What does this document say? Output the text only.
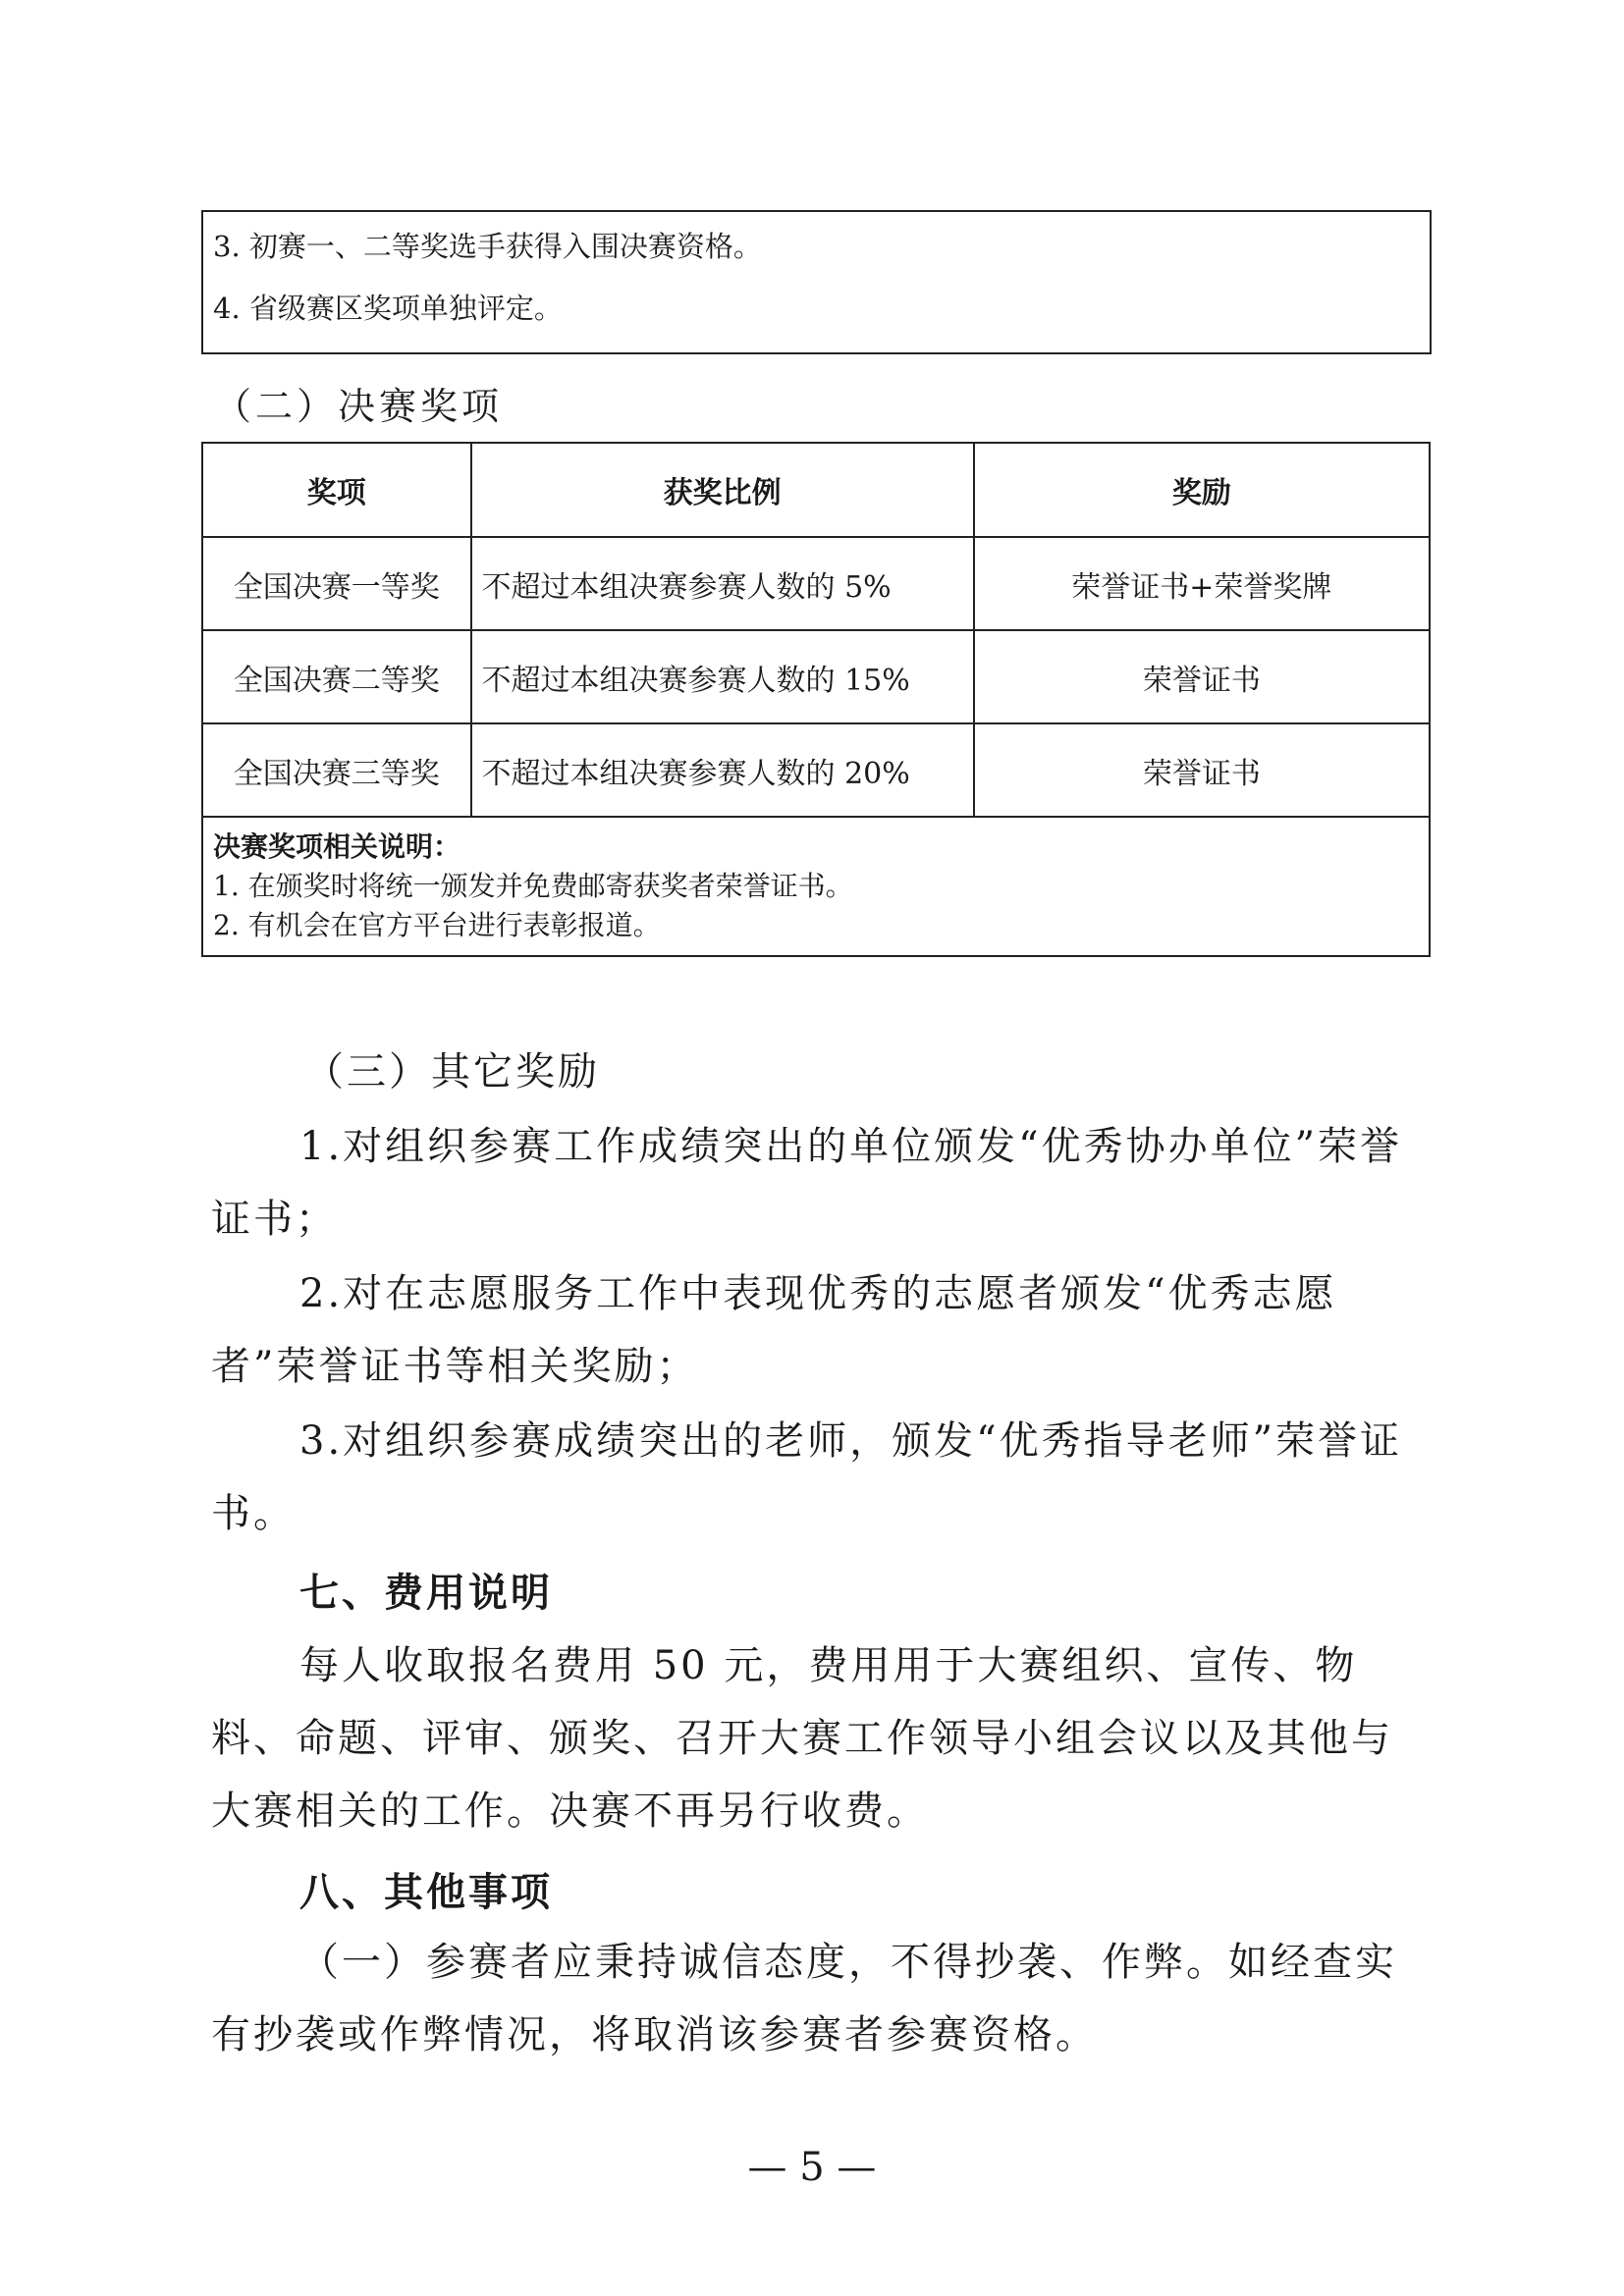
3. 初赛一、二等奖选手获得入围决赛资格。
4. 省级赛区奖项单独评定。
（二）决赛奖项
奖项	获奖比例	奖励
全国决赛一等奖	不超过本组决赛参赛人数的 5%	荣誉证书+荣誉奖牌
全国决赛二等奖	不超过本组决赛参赛人数的 15%	荣誉证书
全国决赛三等奖	不超过本组决赛参赛人数的 20%	荣誉证书

决赛奖项相关说明：
1. 在颁奖时将统一颁发并免费邮寄获奖者荣誉证书。
2. 有机会在官方平台进行表彰报道。		
（三）其它奖励
1.对组织参赛工作成绩突出的单位颁发“优秀协办单位”荣誉证书；
2.对在志愿服务工作中表现优秀的志愿者颁发“优秀志愿者”荣誉证书等相关奖励；
3.对组织参赛成绩突出的老师，颁发“优秀指导老师”荣誉证书。
七、费用说明
每人收取报名费用 50 元，费用用于大赛组织、宣传、物料、命题、评审、颁奖、召开大赛工作领导小组会议以及其他与大赛相关的工作。决赛不再另行收费。
八、其他事项
（一）参赛者应秉持诚信态度，不得抄袭、作弊。如经查实有抄袭或作弊情况，将取消该参赛者参赛资格。
— 5 —
